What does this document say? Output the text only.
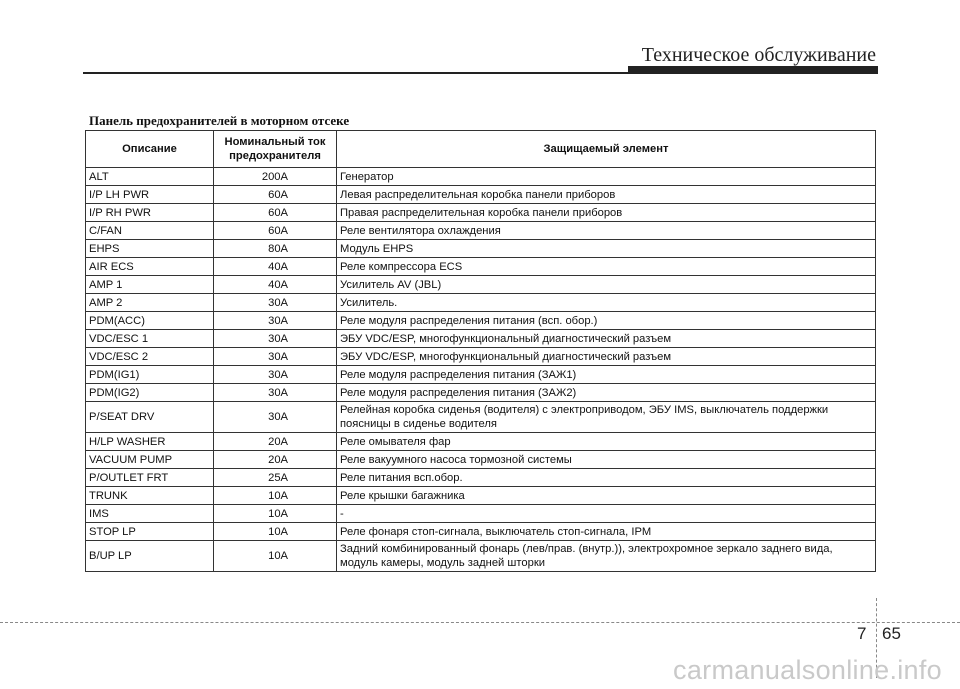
Техническое обслуживание
Панель предохранителей в моторном отсеке
Описание	Номинальный ток предохранителя	Защищаемый элемент
ALT	200A	Генератор
I/P LH PWR	60A	Левая распределительная коробка панели приборов
I/P RH PWR	60A	Правая распределительная коробка панели приборов
C/FAN	60A	Реле вентилятора охлаждения
EHPS	80A	Модуль EHPS
AIR ECS	40A	Реле компрессора ECS
AMP 1	40A	Усилитель AV (JBL)
AMP 2	30A	Усилитель.
PDM(ACC)	30A	Реле модуля распределения питания (всп. обор.)
VDC/ESC 1	30A	ЭБУ VDC/ESP, многофункциональный диагностический разъем
VDC/ESC 2	30A	ЭБУ VDC/ESP, многофункциональный диагностический разъем
PDM(IG1)	30A	Реле модуля распределения питания (ЗАЖ1)
PDM(IG2)	30A	Реле модуля распределения питания (ЗАЖ2)
P/SEAT DRV	30A	Релейная коробка сиденья (водителя) с электроприводом, ЭБУ IMS, выключатель поддержки поясницы в сиденье водителя
H/LP WASHER	20A	Реле омывателя фар
VACUUM PUMP	20A	Реле вакуумного насоса тормозной системы
P/OUTLET FRT	25A	Реле питания всп.обор.
TRUNK	10A	Реле крышки багажника
IMS	10A	-
STOP LP	10A	Реле фонаря стоп-сигнала, выключатель стоп-сигнала, IPM
B/UP LP	10A	Задний комбинированный фонарь (лев/прав. (внутр.)), электрохромное зеркало заднего вида, модуль камеры, модуль задней шторки
7 65
carmanualsonline.info
